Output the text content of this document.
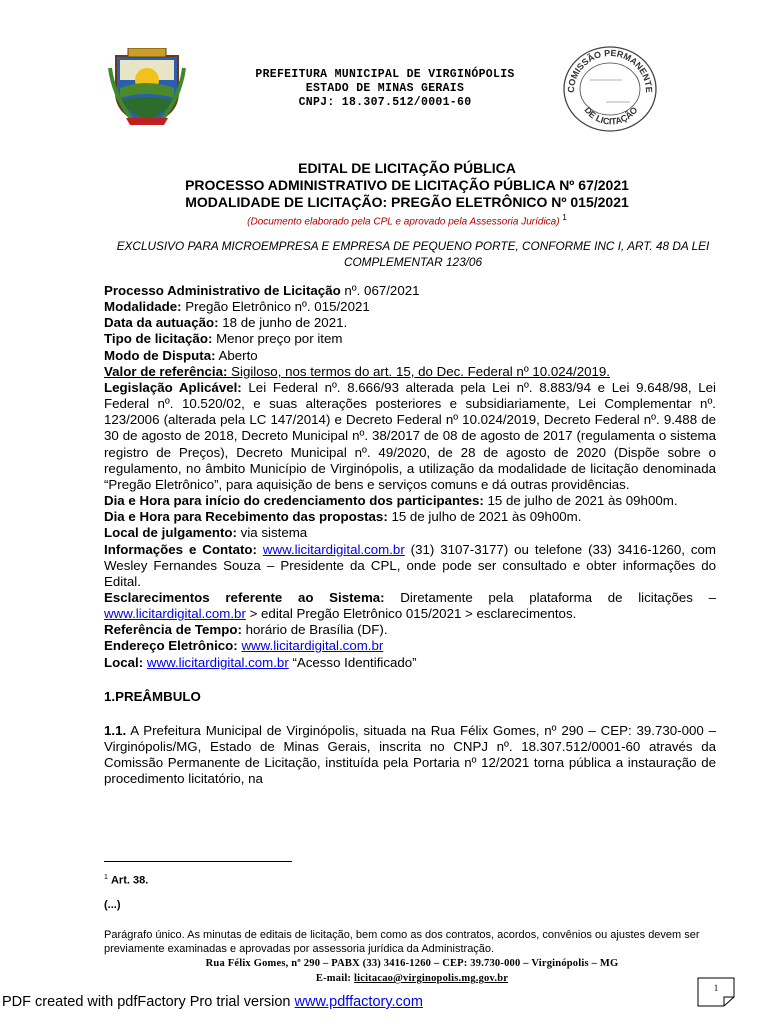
PREFEITURA MUNICIPAL DE VIRGINÓPOLIS
ESTADO DE MINAS GERAIS
CNPJ: 18.307.512/0001-60
COMISSÃO PERMANENTE
DE LICITAÇÃO
EDITAL DE LICITAÇÃO PÚBLICA
PROCESSO ADMINISTRATIVO DE LICITAÇÃO PÚBLICA Nº 67/2021
MODALIDADE DE LICITAÇÃO: PREGÃO ELETRÔNICO Nº 015/2021
(Documento elaborado pela CPL e aprovado pela Assessoria Jurídica) $^1$
EXCLUSIVO PARA MICROEMPRESA E EMPRESA DE PEQUENO PORTE, CONFORME INC I, ART. 48 DA LEI COMPLEMENTAR 123/06

Processo Administrativo de Licitação nº. 067/2021

Modalidade: Pregão Eletrônico nº. 015/2021

Data da autuação: 18 de junho de 2021.

Tipo de licitação: Menor preço por item

Modo de Disputa: Aberto

Valor de referência: Sigiloso, nos termos do art. 15, do Dec. Federal nº 10.024/2019.

Legislação Aplicável: Lei Federal nº. 8.666/93 alterada pela Lei nº. 8.883/94 e Lei 9.648/98, Lei Federal nº. 10.520/02, e suas alterações posteriores e subsidiariamente, Lei Complementar nº. 123/2006 (alterada pela LC 147/2014) e Decreto Federal nº 10.024/2019, Decreto Federal nº. 9.488 de 30 de agosto de 2018, Decreto Municipal nº. 38/2017 de 08 de agosto de 2017 (regulamenta o sistema registro de Preços), Decreto Municipal nº. 49/2020, de 28 de agosto de 2020 (Dispõe sobre o regulamento, no âmbito Município de Virginópolis, a utilização da modalidade de licitação denominada “Pregão Eletrônico”, para aquisição de bens e serviços comuns e dá outras providências.

Dia e Hora para início do credenciamento dos participantes: 15 de julho de 2021 às 09h00m.

Dia e Hora para Recebimento das propostas: 15 de julho de 2021 às 09h00m.

Local de julgamento: via sistema

Informações e Contato: www.licitardigital.com.br (31) 3107-3177) ou telefone (33) 3416-1260, com Wesley Fernandes Souza – Presidente da CPL, onde pode ser consultado e obter informações do Edital.

Esclarecimentos referente ao Sistema: Diretamente pela plataforma de licitações – www.licitardigital.com.br > edital Pregão Eletrônico 015/2021 > esclarecimentos.

Referência de Tempo: horário de Brasília (DF).

Endereço Eletrônico: www.licitardigital.com.br

Local: www.licitardigital.com.br “Acesso Identificado”

1.PREÂMBULO

1.1. A Prefeitura Municipal de Virginópolis, situada na Rua Félix Gomes, nº 290 – CEP: 39.730-000 – Virginópolis/MG, Estado de Minas Gerais, inscrita no CNPJ nº. 18.307.512/0001-60 através da Comissão Permanente de Licitação, instituída pela Portaria nº 12/2021 torna pública a instauração de procedimento licitatório, na

$^1$ Art. 38.
(...)
Parágrafo único. As minutas de editais de licitação, bem como as dos contratos, acordos, convênios ou ajustes devem ser previamente examinadas e aprovadas por assessoria jurídica da Administração.
Rua Félix Gomes, nº 290 – PABX (33) 3416-1260 – CEP: 39.730-000 – Virginópolis – MG
E-mail: licitacao@virginopolis.mg.gov.br
1
PDF created with pdfFactory Pro trial version www.pdffactory.com
